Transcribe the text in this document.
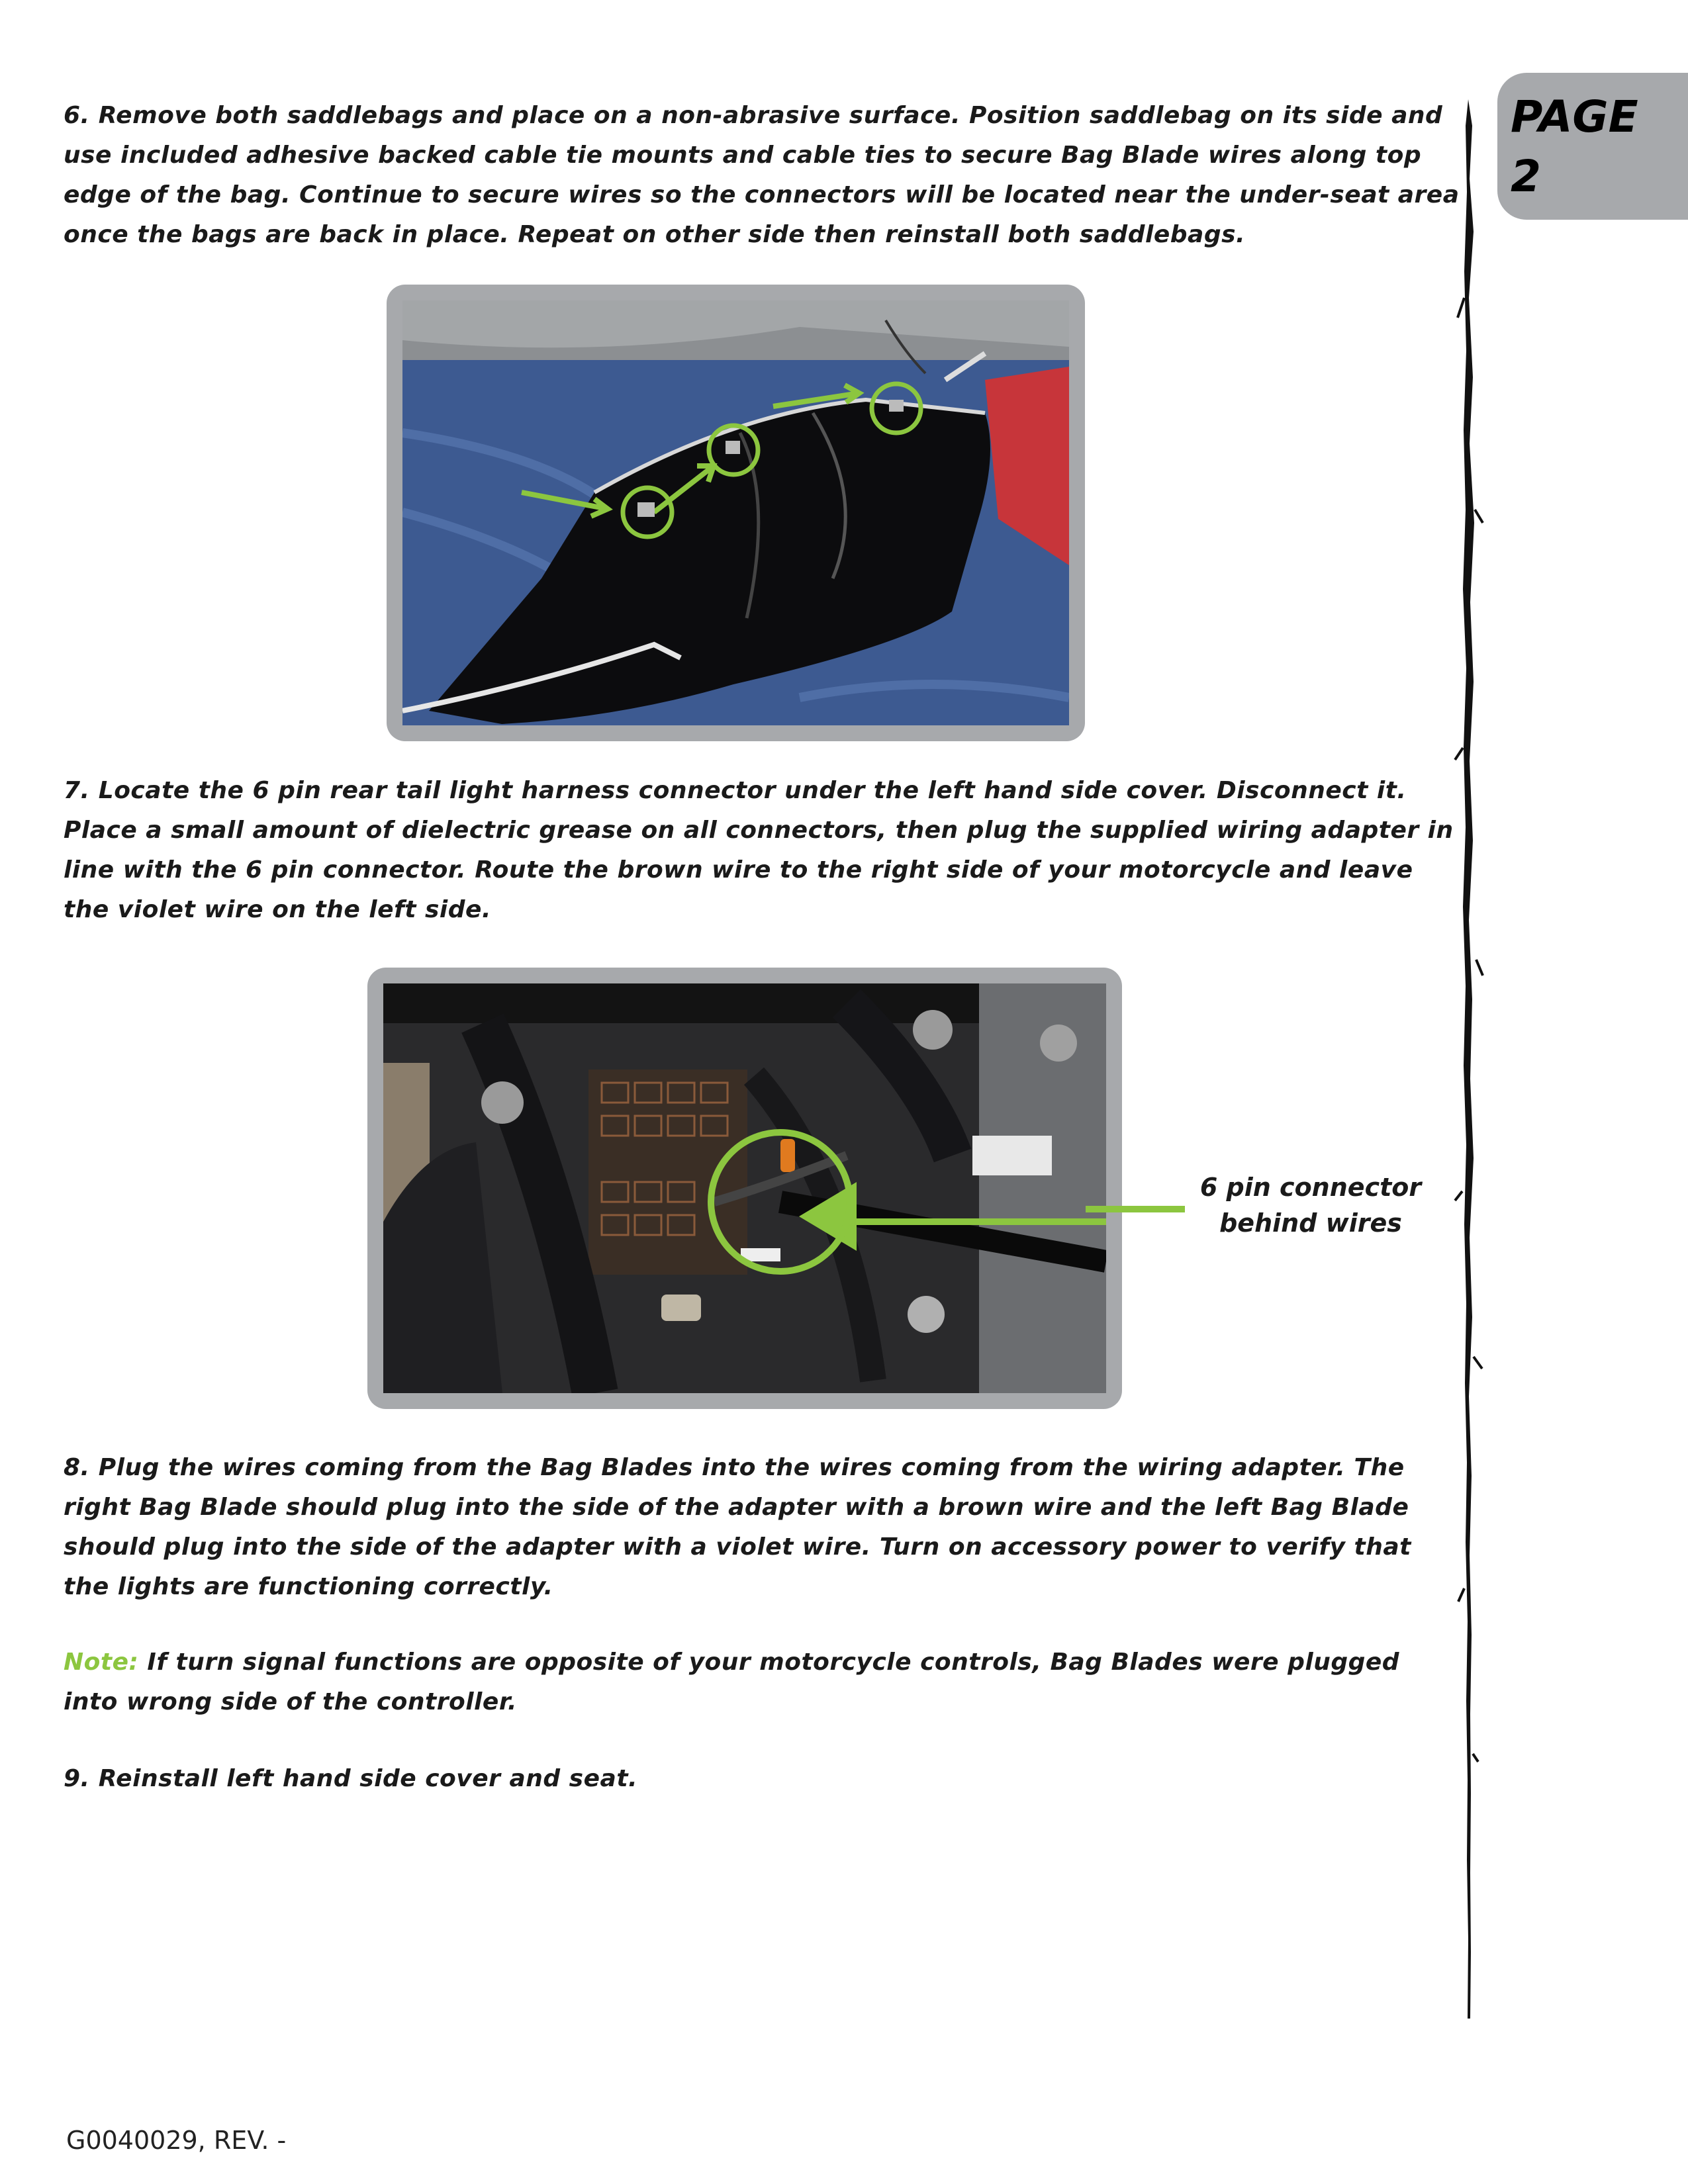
PAGE
2

6. Remove both saddlebags and place on a non-abrasive surface. Position saddlebag on its side and use included adhesive backed cable tie mounts and cable ties to secure Bag Blade wires along top edge of the bag. Continue to secure wires so the connectors will be located near the under-seat area once the bags are back in place. Repeat on other side then reinstall both saddlebags.

7. Locate the 6 pin rear tail light harness connector under the left hand side cover. Disconnect it. Place a small amount of dielectric grease on all connectors, then plug the supplied wiring adapter in line with the 6 pin connector. Route the brown wire to the right side of your motorcycle and leave the violet wire on the left side.

6 pin connector
behind wires

8. Plug the wires coming from the Bag Blades into the wires coming from the wiring adapter. The right Bag Blade should plug into the side of the adapter with a brown wire and the left Bag Blade should plug into the side of the adapter with a violet wire. Turn on accessory power to verify that the lights are functioning correctly.

Note: If turn signal functions are opposite of your motorcycle controls, Bag Blades were plugged into wrong side of the controller.

9. Reinstall left hand side cover and seat.

G0040029, REV. -
